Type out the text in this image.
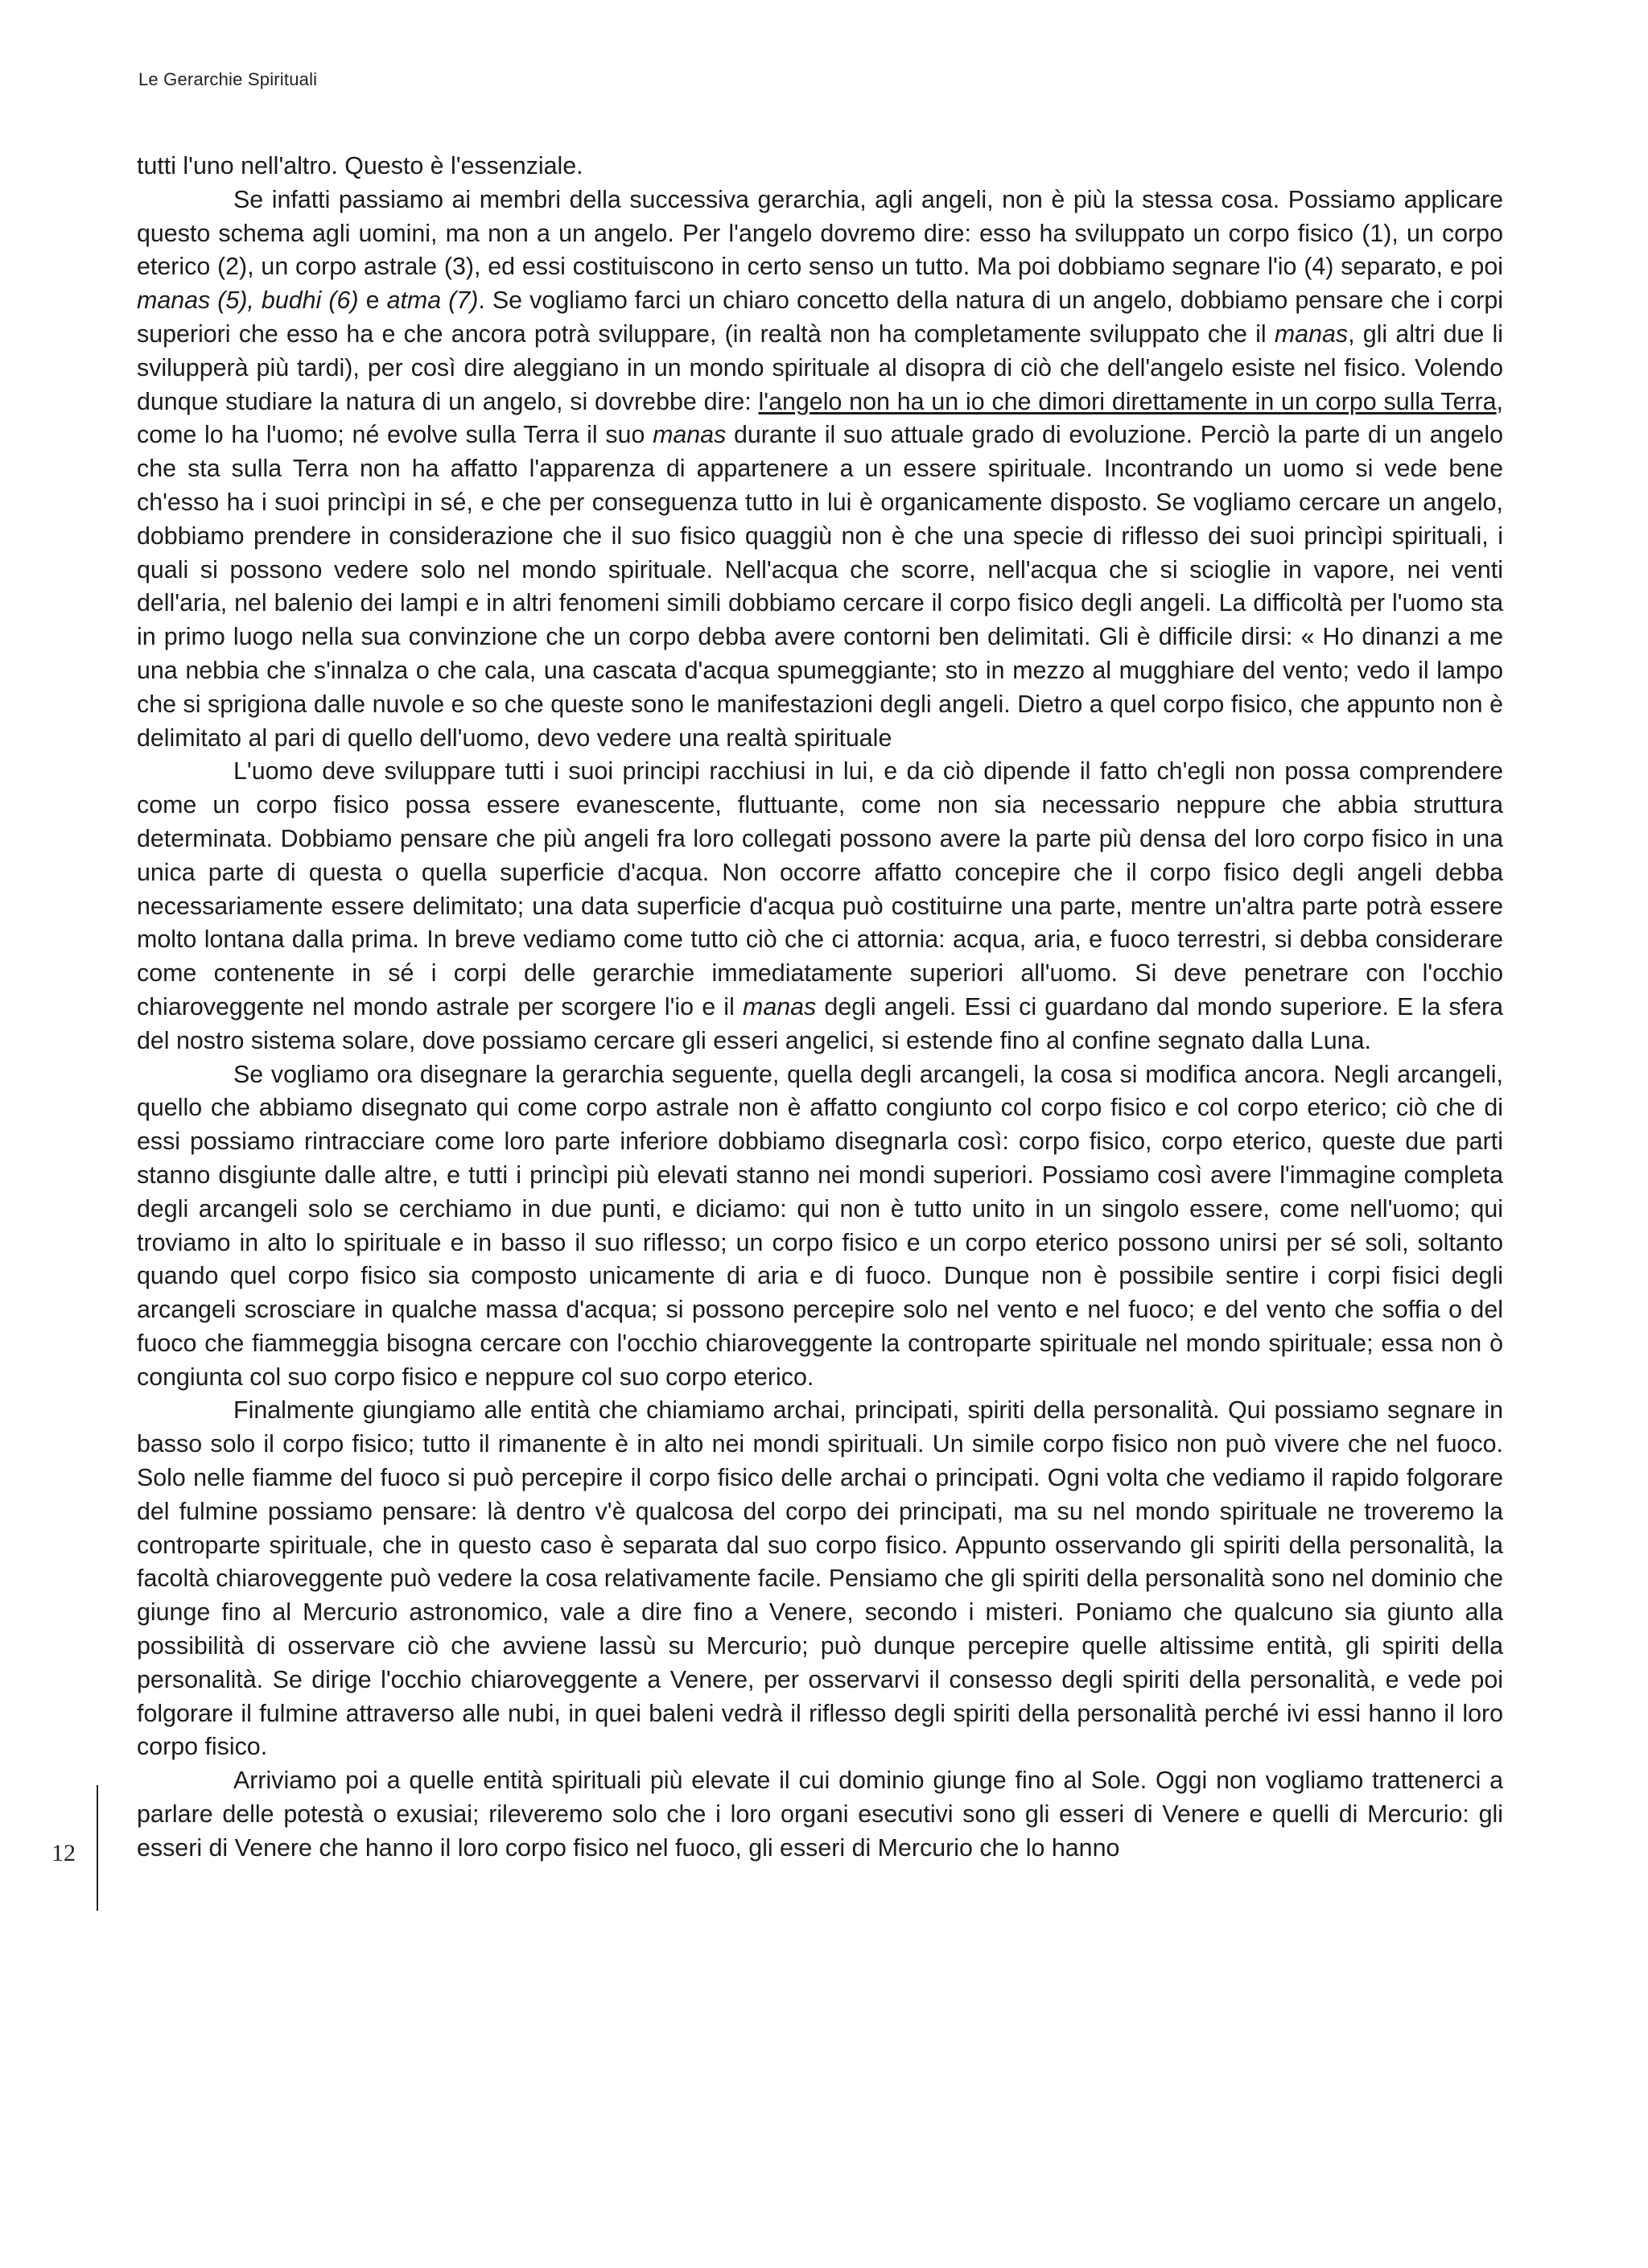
Le Gerarchie Spirituali

tutti l'uno nell'altro. Questo è l'essenziale.

Se infatti passiamo ai membri della successiva gerarchia, agli angeli, non è più la stessa cosa. Possiamo applicare questo schema agli uomini, ma non a un angelo. Per l'angelo dovremo dire: esso ha sviluppato un corpo fisico (1), un corpo eterico (2), un corpo astrale (3), ed essi costituiscono in certo senso un tutto. Ma poi dobbiamo segnare l'io (4) separato, e poi manas (5), budhi (6) e atma (7). Se vogliamo farci un chiaro concetto della natura di un angelo, dobbiamo pensare che i corpi superiori che esso ha e che ancora potrà sviluppare, (in realtà non ha completamente sviluppato che il manas, gli altri due li svilupperà più tardi), per così dire aleggiano in un mondo spirituale al disopra di ciò che dell'angelo esiste nel fisico. Volendo dunque studiare la natura di un angelo, si dovrebbe dire: l'angelo non ha un io che dimori direttamente in un corpo sulla Terra, come lo ha l'uomo; né evolve sulla Terra il suo manas durante il suo attuale grado di evoluzione. Perciò la parte di un angelo che sta sulla Terra non ha affatto l'apparenza di appartenere a un essere spirituale. Incontrando un uomo si vede bene ch'esso ha i suoi princìpi in sé, e che per conseguenza tutto in lui è organicamente disposto. Se vogliamo cercare un angelo, dobbiamo prendere in considerazione che il suo fisico quaggiù non è che una specie di riflesso dei suoi princìpi spirituali, i quali si possono vedere solo nel mondo spirituale. Nell'acqua che scorre, nell'acqua che si scioglie in vapore, nei venti dell'aria, nel balenio dei lampi e in altri fenomeni simili dobbiamo cercare il corpo fisico degli angeli. La difficoltà per l'uomo sta in primo luogo nella sua convinzione che un corpo debba avere contorni ben delimitati. Gli è difficile dirsi: « Ho dinanzi a me una nebbia che s'innalza o che cala, una cascata d'acqua spumeggiante; sto in mezzo al mugghiare del vento; vedo il lampo che si sprigiona dalle nuvole e so che queste sono le manifestazioni degli angeli. Dietro a quel corpo fisico, che appunto non è delimitato al pari di quello dell'uomo, devo vedere una realtà spirituale

L'uomo deve sviluppare tutti i suoi principi racchiusi in lui, e da ciò dipende il fatto ch'egli non possa comprendere come un corpo fisico possa essere evanescente, fluttuante, come non sia necessario neppure che abbia struttura determinata. Dobbiamo pensare che più angeli fra loro collegati possono avere la parte più densa del loro corpo fisico in una unica parte di questa o quella superficie d'acqua. Non occorre affatto concepire che il corpo fisico degli angeli debba necessariamente essere delimitato; una data superficie d'acqua può costituirne una parte, mentre un'altra parte potrà essere molto lontana dalla prima. In breve vediamo come tutto ciò che ci attornia: acqua, aria, e fuoco terrestri, si debba considerare come contenente in sé i corpi delle gerarchie immediatamente superiori all'uomo. Si deve penetrare con l'occhio chiaroveggente nel mondo astrale per scorgere l'io e il manas degli angeli. Essi ci guardano dal mondo superiore. E la sfera del nostro sistema solare, dove possiamo cercare gli esseri angelici, si estende fino al confine segnato dalla Luna.

Se vogliamo ora disegnare la gerarchia seguente, quella degli arcangeli, la cosa si modifica ancora. Negli arcangeli, quello che abbiamo disegnato qui come corpo astrale non è affatto congiunto col corpo fisico e col corpo eterico; ciò che di essi possiamo rintracciare come loro parte inferiore dobbiamo disegnarla così: corpo fisico, corpo eterico, queste due parti stanno disgiunte dalle altre, e tutti i princìpi più elevati stanno nei mondi superiori. Possiamo così avere l'immagine completa degli arcangeli solo se cerchiamo in due punti, e diciamo: qui non è tutto unito in un singolo essere, come nell'uomo; qui troviamo in alto lo spirituale e in basso il suo riflesso; un corpo fisico e un corpo eterico possono unirsi per sé soli, soltanto quando quel corpo fisico sia composto unicamente di aria e di fuoco. Dunque non è possibile sentire i corpi fisici degli arcangeli scrosciare in qualche massa d'acqua; si possono percepire solo nel vento e nel fuoco; e del vento che soffia o del fuoco che fiammeggia bisogna cercare con l'occhio chiaroveggente la controparte spirituale nel mondo spirituale; essa non ò congiunta col suo corpo fisico e neppure col suo corpo eterico.

Finalmente giungiamo alle entità che chiamiamo archai, principati, spiriti della personalità. Qui possiamo segnare in basso solo il corpo fisico; tutto il rimanente è in alto nei mondi spirituali. Un simile corpo fisico non può vivere che nel fuoco. Solo nelle fiamme del fuoco si può percepire il corpo fisico delle archai o principati. Ogni volta che vediamo il rapido folgorare del fulmine possiamo pensare: là dentro v'è qualcosa del corpo dei principati, ma su nel mondo spirituale ne troveremo la controparte spirituale, che in questo caso è separata dal suo corpo fisico. Appunto osservando gli spiriti della personalità, la facoltà chiaroveggente può vedere la cosa relativamente facile. Pensiamo che gli spiriti della personalità sono nel dominio che giunge fino al Mercurio astronomico, vale a dire fino a Venere, secondo i misteri. Poniamo che qualcuno sia giunto alla possibilità di osservare ciò che avviene lassù su Mercurio; può dunque percepire quelle altissime entità, gli spiriti della personalità. Se dirige l'occhio chiaroveggente a Venere, per osservarvi il consesso degli spiriti della personalità, e vede poi folgorare il fulmine attraverso alle nubi, in quei baleni vedrà il riflesso degli spiriti della personalità perché ivi essi hanno il loro corpo fisico.

Arriviamo poi a quelle entità spirituali più elevate il cui dominio giunge fino al Sole. Oggi non vogliamo trattenerci a parlare delle potestà o exusiai; rileveremo solo che i loro organi esecutivi sono gli esseri di Venere e quelli di Mercurio: gli esseri di Venere che hanno il loro corpo fisico nel fuoco, gli esseri di Mercurio che lo hanno

12
